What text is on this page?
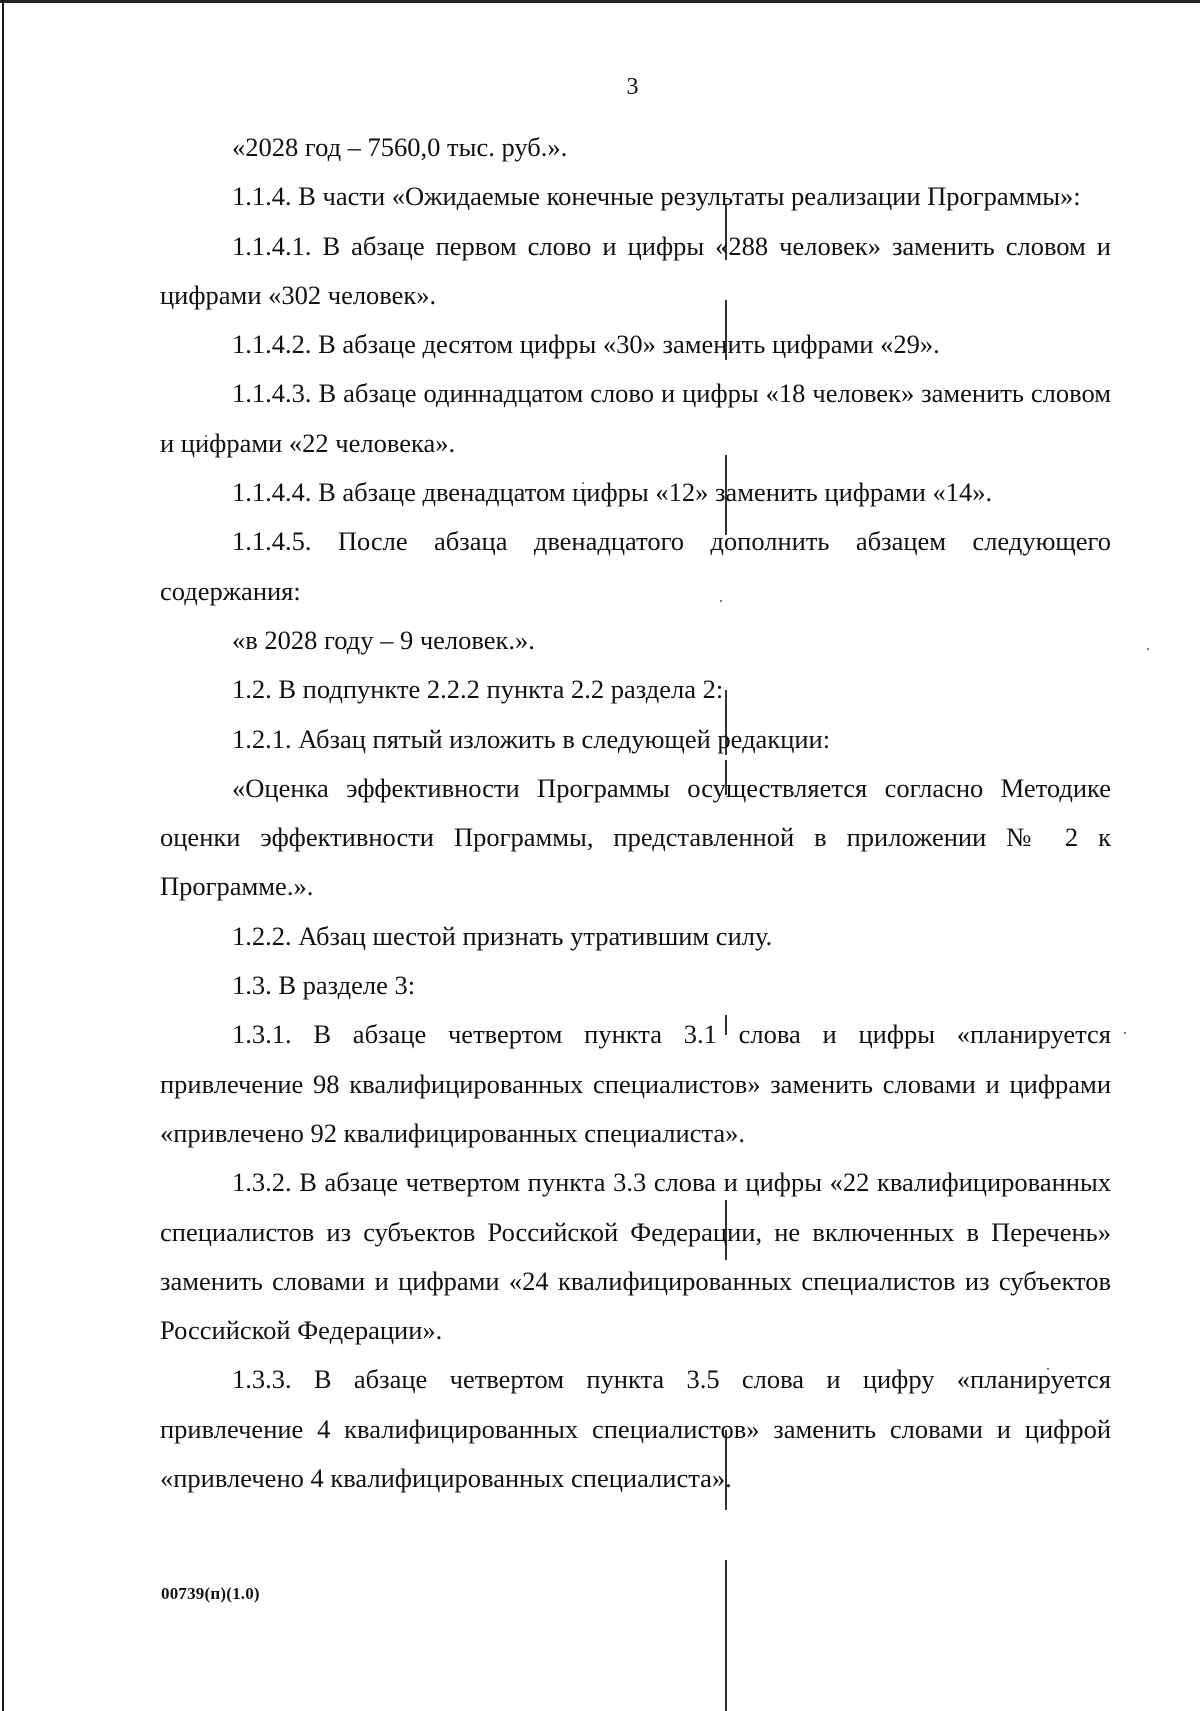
3

«2028 год – 7560,0 тыс. руб.».

1.1.4. В части «Ожидаемые конечные результаты реализации Программы»:

1.1.4.1. В абзаце первом слово и цифры «288 человек» заменить словом и цифрами «302 человек».

1.1.4.2. В абзаце десятом цифры «30» заменить цифрами «29».

1.1.4.3. В абзаце одиннадцатом слово и цифры «18 человек» заменить словом и цифрами «22 человека».

1.1.4.4. В абзаце двенадцатом цифры «12» заменить цифрами «14».

1.1.4.5. После абзаца двенадцатого дополнить абзацем следующего содержания:

«в 2028 году – 9 человек.».

1.2. В подпункте 2.2.2 пункта 2.2 раздела 2:

1.2.1. Абзац пятый изложить в следующей редакции:

«Оценка эффективности Программы осуществляется согласно Методике оценки эффективности Программы, представленной в приложении № 2 к Программе.».

1.2.2. Абзац шестой признать утратившим силу.

1.3. В разделе 3:

1.3.1. В абзаце четвертом пункта 3.1 слова и цифры «планируется привлечение 98 квалифицированных специалистов» заменить словами и цифрами «привлечено 92 квалифицированных специалиста».

1.3.2. В абзаце четвертом пункта 3.3 слова и цифры «22 квалифицированных специалистов из субъектов Российской Федерации, не включенных в Перечень» заменить словами и цифрами «24 квалифицированных специалистов из субъектов Российской Федерации».

1.3.3. В абзаце четвертом пункта 3.5 слова и цифру «планируется привлечение 4 квалифицированных специалистов» заменить словами и цифрой «привлечено 4 квалифицированных специалиста».

00739(п)(1.0)
